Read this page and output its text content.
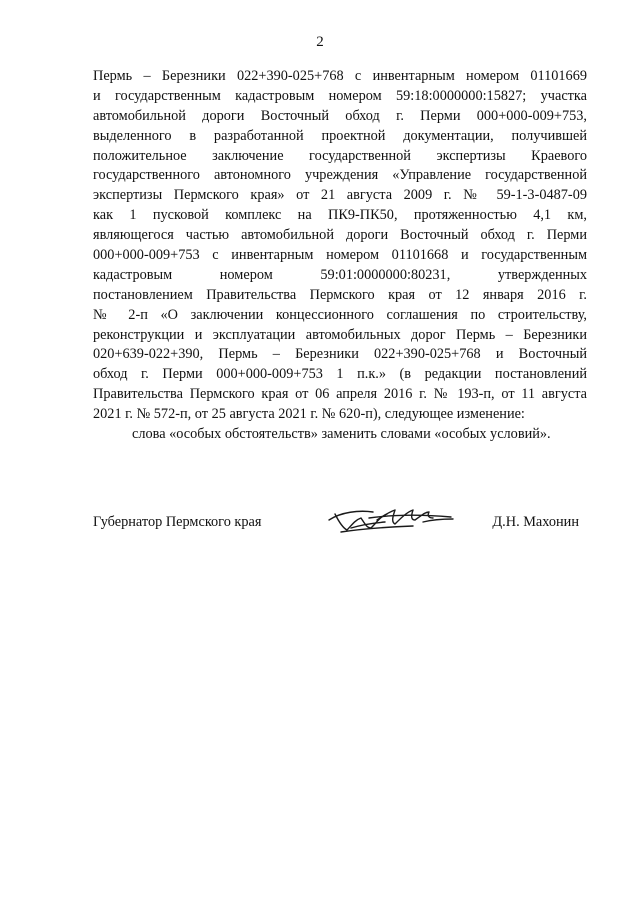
2
Пермь – Березники 022+390-025+768 с инвентарным номером 01101669
и государственным кадастровым номером 59:18:0000000:15827; участка
автомобильной дороги Восточный обход г. Перми 000+000-009+753,
выделенного в разработанной проектной документации, получившей
положительное заключение государственной экспертизы Краевого
государственного автономного учреждения «Управление государственной
экспертизы Пермского края» от 21 августа 2009 г. № 59-1-3-0487-09
как 1 пусковой комплекс на ПК9-ПК50, протяженностью 4,1 км,
являющегося частью автомобильной дороги Восточный обход г. Перми
000+000-009+753 с инвентарным номером 01101668 и государственным
кадастровым номером 59:01:0000000:80231, утвержденных
постановлением Правительства Пермского края от 12 января 2016 г.
№ 2-п «О заключении концессионного соглашения по строительству,
реконструкции и эксплуатации автомобильных дорог Пермь – Березники
020+639-022+390, Пермь – Березники 022+390-025+768 и Восточный
обход г. Перми 000+000-009+753 1 п.к.» (в редакции постановлений
Правительства Пермского края от 06 апреля 2016 г. № 193-п, от 11 августа
2021 г. № 572-п, от 25 августа 2021 г. № 620-п), следующее изменение:
слова «особых обстоятельств» заменить словами «особых условий».
Губернатор Пермского края	Д.Н. Махонин
